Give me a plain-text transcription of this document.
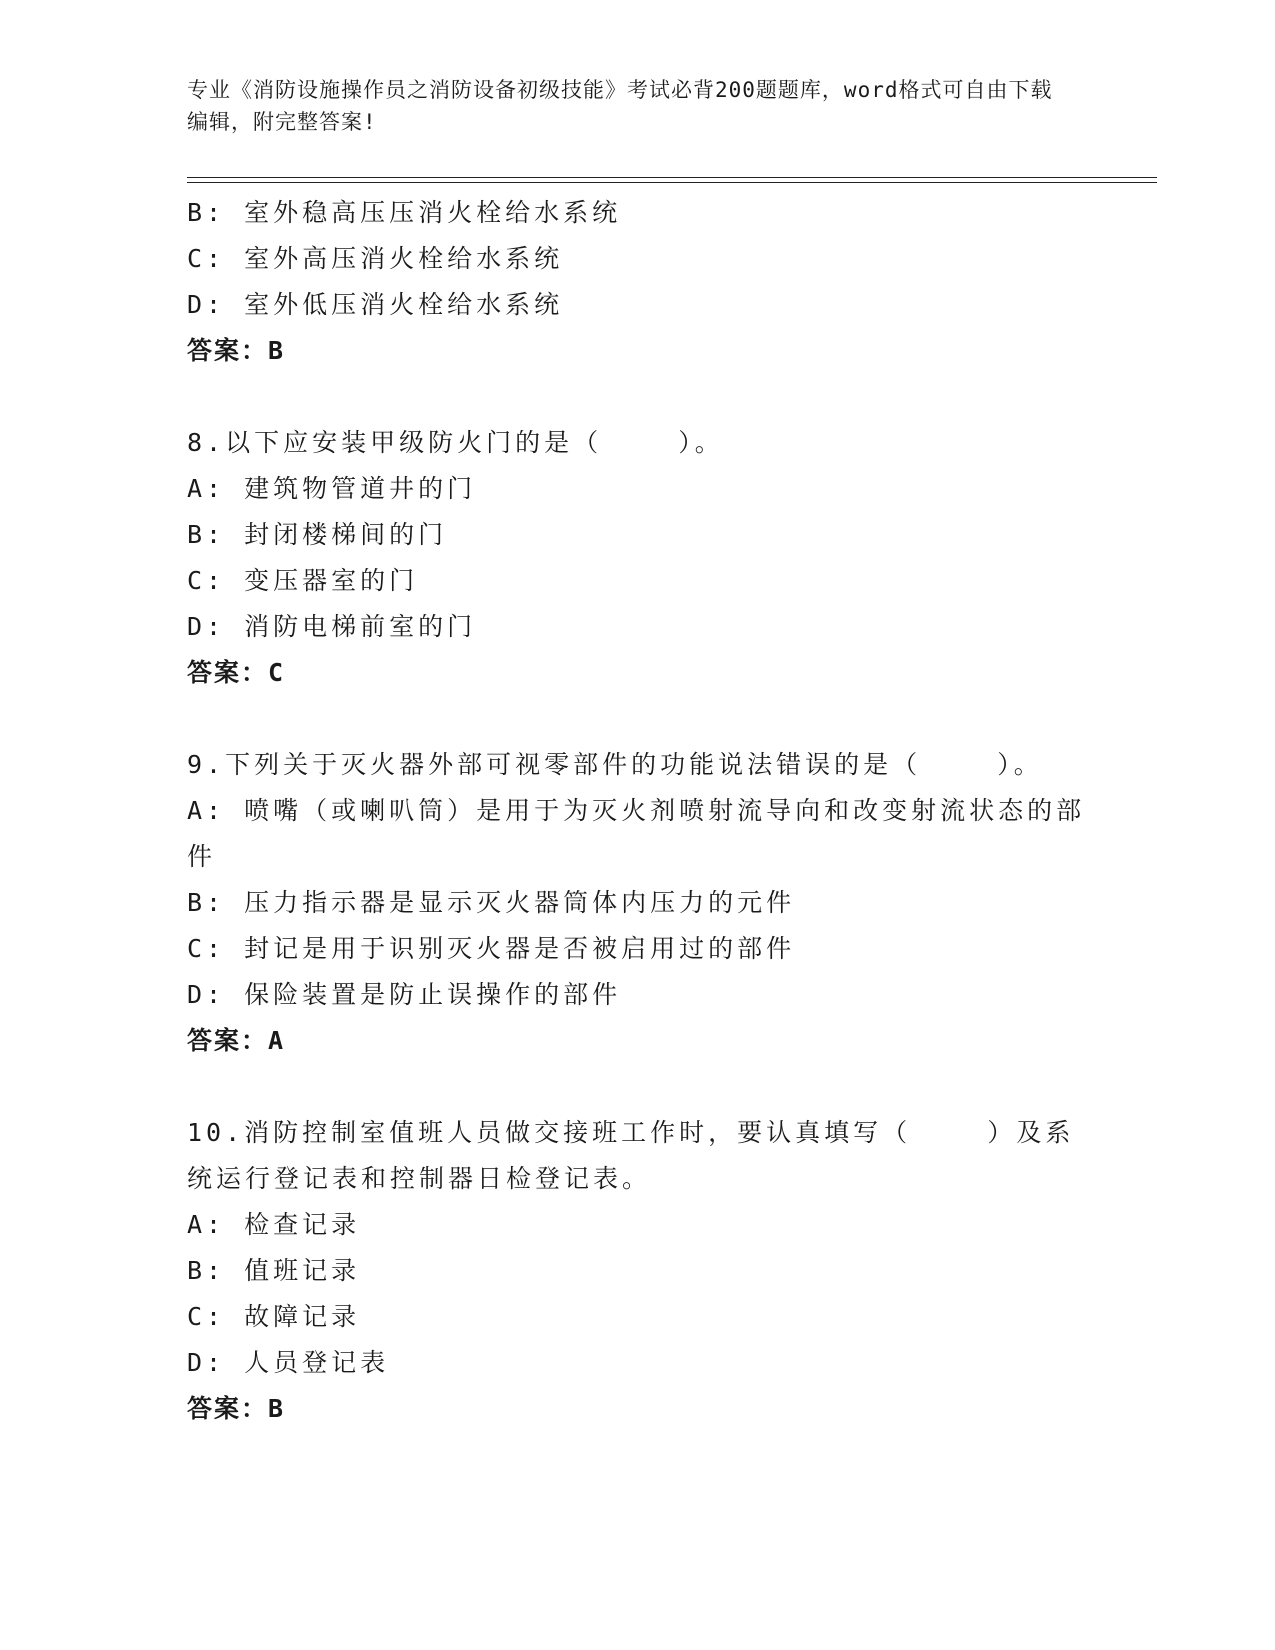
专业《消防设施操作员之消防设备初级技能》考试必背200题题库，word格式可自由下载编辑，附完整答案!

B: 室外稳高压压消火栓给水系统

C: 室外高压消火栓给水系统

D: 室外低压消火栓给水系统

答案：B

8.以下应安装甲级防火门的是（    ）。

A: 建筑物管道井的门

B: 封闭楼梯间的门

C: 变压器室的门

D: 消防电梯前室的门

答案：C

9.下列关于灭火器外部可视零部件的功能说法错误的是（    ）。

A: 喷嘴（或喇叭筒）是用于为灭火剂喷射流导向和改变射流状态的部件

B: 压力指示器是显示灭火器筒体内压力的元件

C: 封记是用于识别灭火器是否被启用过的部件

D: 保险装置是防止误操作的部件

答案：A

10.消防控制室值班人员做交接班工作时，要认真填写（    ）及系统运行登记表和控制器日检登记表。

A: 检查记录

B: 值班记录

C: 故障记录

D: 人员登记表

答案：B
